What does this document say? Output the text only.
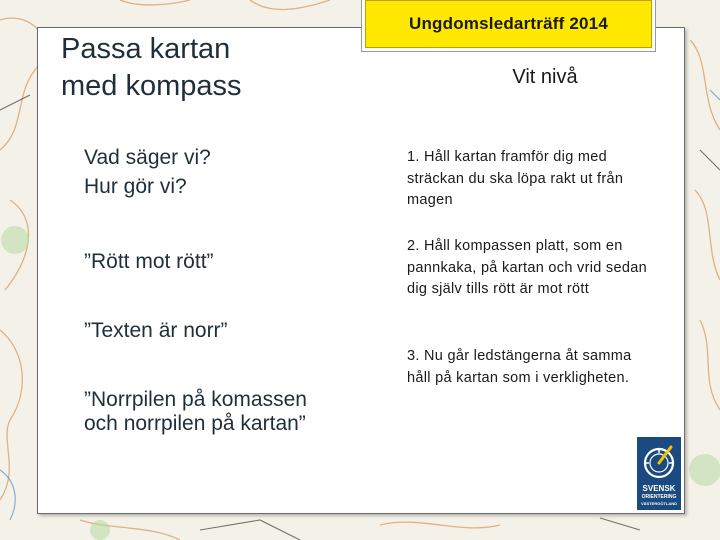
Ungdomsledarträff 2014
Passa kartan
med kompass	Vit nivå
Vad säger vi?
Hur gör vi?
”Rött mot rött”
”Texten är norr”
”Norrpilen på komassen
och norrpilen på kartan”
1. Håll kartan framför dig med sträckan du ska löpa rakt ut från magen
2. Håll kompassen platt, som en pannkaka, på kartan och vrid sedan dig själv tills rött är mot rött
3. Nu går ledstängerna åt samma håll på kartan som i verkligheten.
SVENSK
ORIENTERING
VÄSTERGÖTLAND
